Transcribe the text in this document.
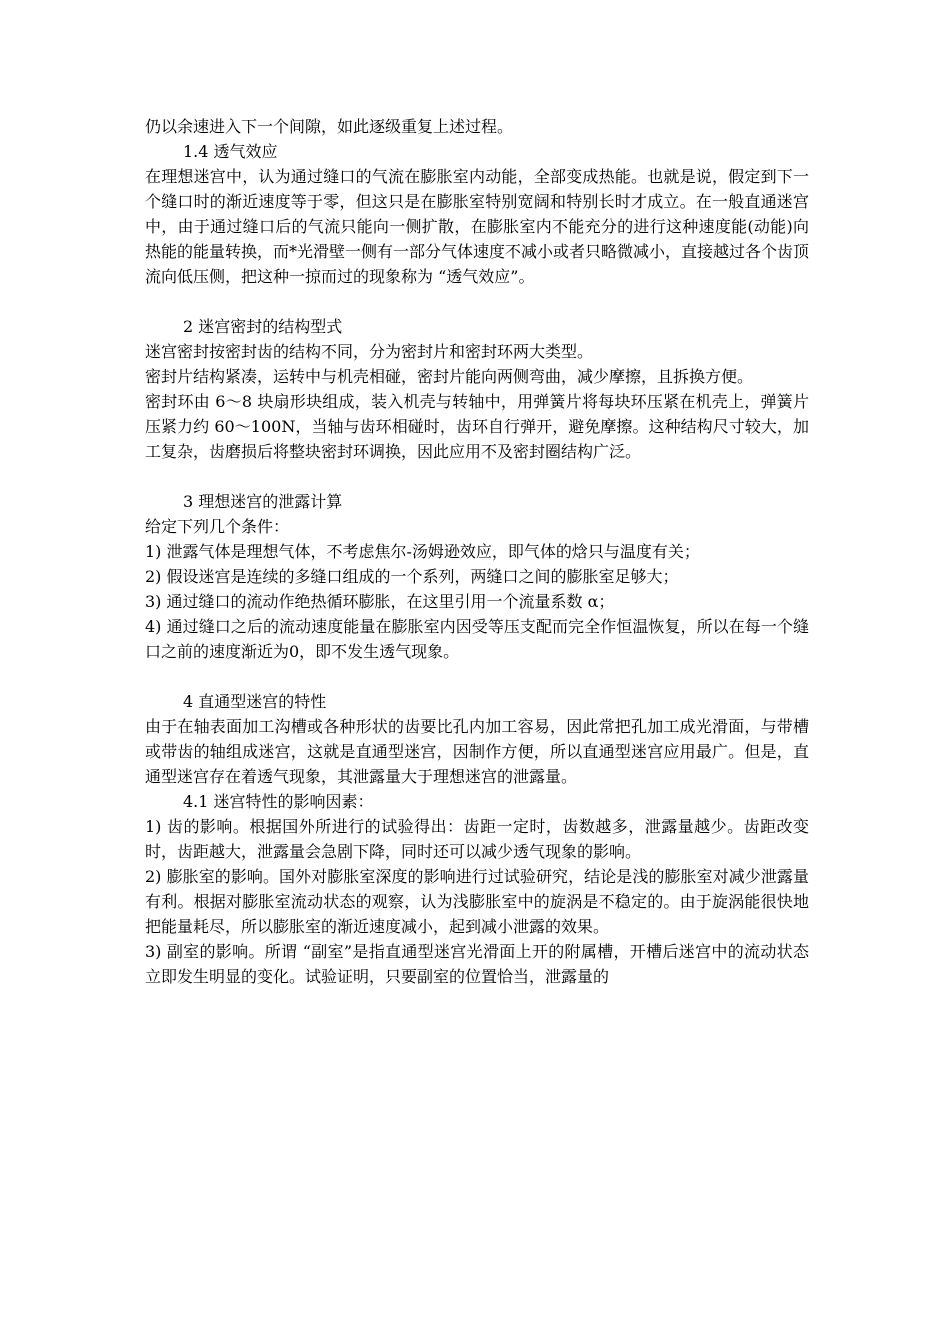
仍以余速进入下一个间隙，如此逐级重复上述过程。

1.4 透气效应

在理想迷宫中，认为通过缝口的气流在膨胀室内动能，全部变成热能。也就是说，假定到下一个缝口时的渐近速度等于零，但这只是在膨胀室特别宽阔和特别长时才成立。在一般直通迷宫中，由于通过缝口后的气流只能向一侧扩散，在膨胀室内不能充分的进行这种速度能(动能)向热能的能量转换，而*光滑壁一侧有一部分气体速度不减小或者只略微减小，直接越过各个齿顶流向低压侧，把这种一掠而过的现象称为 “透气效应”。

2 迷宫密封的结构型式

迷宫密封按密封齿的结构不同，分为密封片和密封环两大类型。

密封片结构紧凑，运转中与机壳相碰，密封片能向两侧弯曲，减少摩擦，且拆换方便。

密封环由 6～8 块扇形块组成，装入机壳与转轴中，用弹簧片将每块环压紧在机壳上，弹簧片压紧力约 60～100N，当轴与齿环相碰时，齿环自行弹开，避免摩擦。这种结构尺寸较大，加工复杂，齿磨损后将整块密封环调换，因此应用不及密封圈结构广泛。

3 理想迷宫的泄露计算

给定下列几个条件：

1) 泄露气体是理想气体，不考虑焦尔-汤姆逊效应，即气体的焓只与温度有关；

2) 假设迷宫是连续的多缝口组成的一个系列，两缝口之间的膨胀室足够大；

3) 通过缝口的流动作绝热循环膨胀，在这里引用一个流量系数 α；

4) 通过缝口之后的流动速度能量在膨胀室内因受等压支配而完全作恒温恢复，所以在每一个缝口之前的速度渐近为0，即不发生透气现象。

4 直通型迷宫的特性

由于在轴表面加工沟槽或各种形状的齿要比孔内加工容易，因此常把孔加工成光滑面，与带槽或带齿的轴组成迷宫，这就是直通型迷宫，因制作方便，所以直通型迷宫应用最广。但是，直通型迷宫存在着透气现象，其泄露量大于理想迷宫的泄露量。

4.1 迷宫特性的影响因素：

1) 齿的影响。根据国外所进行的试验得出：齿距一定时，齿数越多，泄露量越少。齿距改变时，齿距越大，泄露量会急剧下降，同时还可以减少透气现象的影响。

2) 膨胀室的影响。国外对膨胀室深度的影响进行过试验研究，结论是浅的膨胀室对减少泄露量有利。根据对膨胀室流动状态的观察，认为浅膨胀室中的旋涡是不稳定的。由于旋涡能很快地把能量耗尽，所以膨胀室的渐近速度减小，起到减小泄露的效果。

3) 副室的影响。所谓 “副室”是指直通型迷宫光滑面上开的附属槽，开槽后迷宫中的流动状态立即发生明显的变化。试验证明，只要副室的位置恰当，泄露量的
